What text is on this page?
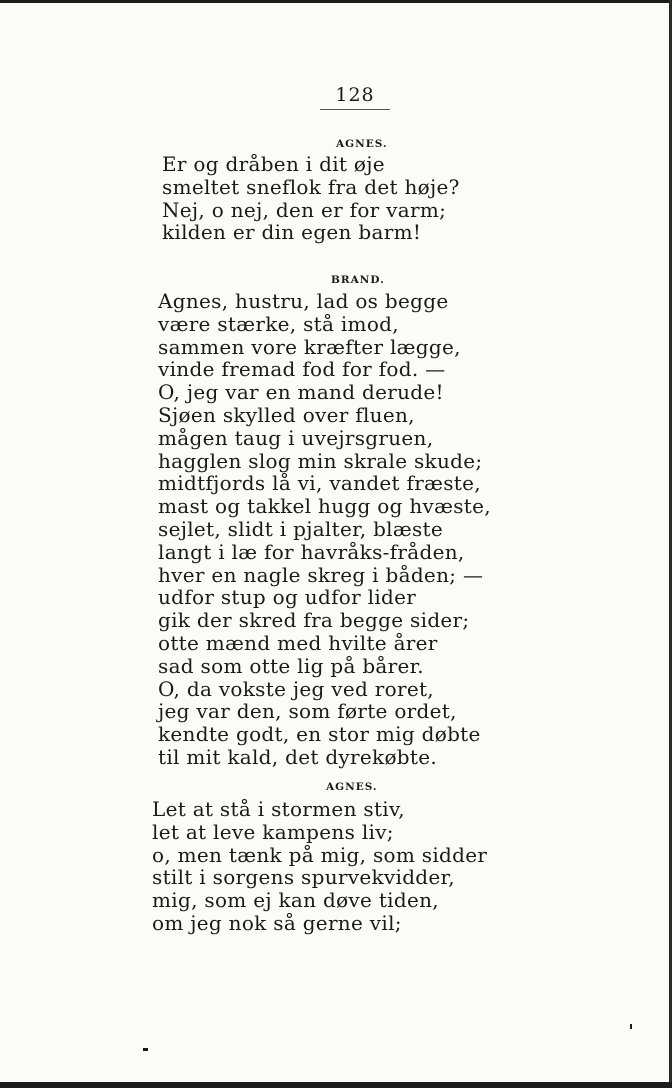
128
AGNES.
Er og dråben i dit øje
smeltet sneflok fra det høje?
Nej, o nej, den er for varm;
kilden er din egen barm!
BRAND.
Agnes, hustru, lad os begge
være stærke, stå imod,
sammen vore kræfter lægge,
vinde fremad fod for fod. —
O, jeg var en mand derude!
Sjøen skylled over fluen,
mågen taug i uvejrsgruen,
hagglen slog min skrale skude;
midtfjords lå vi, vandet fræste,
mast og takkel hugg og hvæste,
sejlet, slidt i pjalter, blæste
langt i læ for havråks-fråden,
hver en nagle skreg i båden; —
udfor stup og udfor lider
gik der skred fra begge sider;
otte mænd med hvilte årer
sad som otte lig på bårer.
O, da vokste jeg ved roret,
jeg var den, som førte ordet,
kendte godt, en stor mig døbte
til mit kald, det dyrekøbte.
AGNES.
Let at stå i stormen stiv,
let at leve kampens liv;
o, men tænk på mig, som sidder
stilt i sorgens spurvekvidder,
mig, som ej kan døve tiden,
om jeg nok så gerne vil;
